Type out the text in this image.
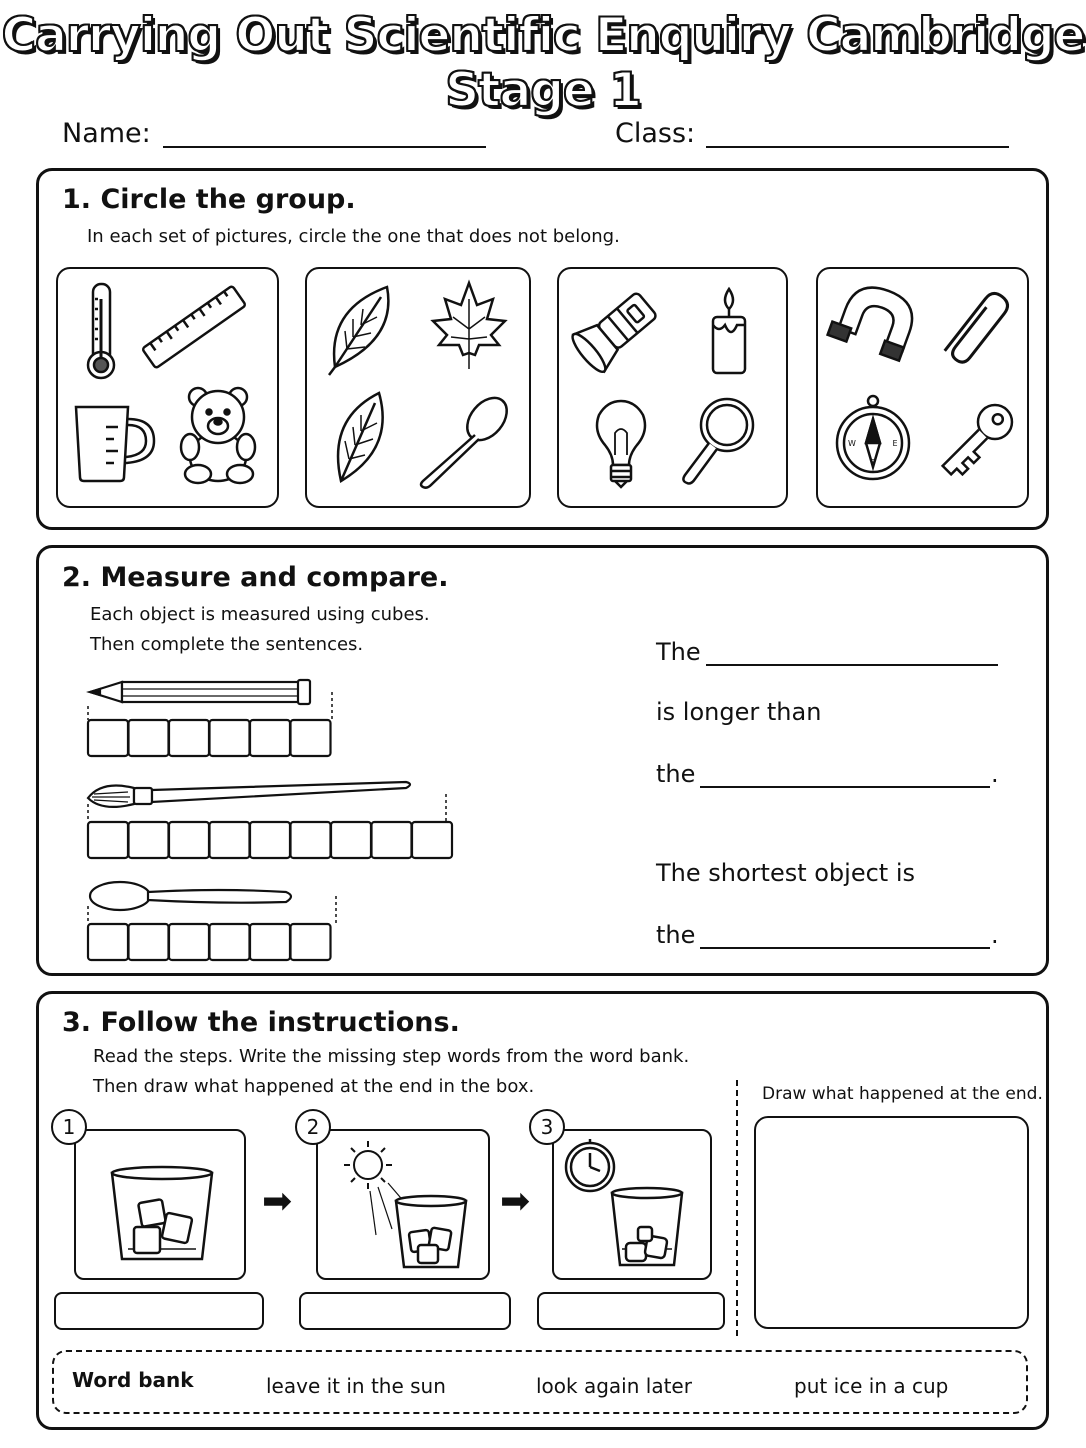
Carrying Out Scientific Enquiry Cambridge Stage 1
Name:	Class:
1. Circle the group.
In each set of pictures, circle the one that does not belong.
N
S
W	E
2. Measure and compare.
Each object is measured using cubes.
Then complete the sentences.	The
is longer than
the	.
The shortest object is
the	.
3. Follow the instructions.
Read the steps. Write the missing step words from the word bank.
Then draw what happened at the end in the box.
1
➡
2
➡
3
Draw what happened at the end.
Word bank	leave it in the sun	look again later	put ice in a cup
